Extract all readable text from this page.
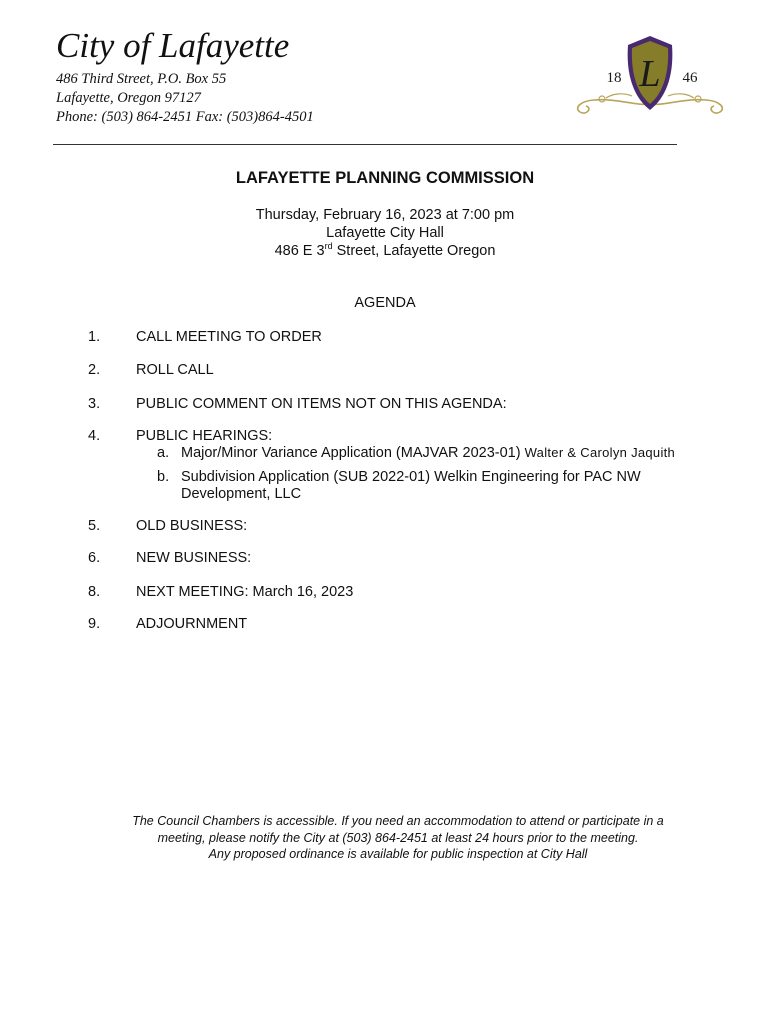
City of Lafayette
486 Third Street, P.O. Box 55
Lafayette, Oregon 97127
Phone: (503) 864-2451 Fax: (503)864-4501
L
18	46
LAFAYETTE PLANNING COMMISSION
Thursday, February 16, 2023 at 7:00 pm
Lafayette City Hall
486 E 3rd Street, Lafayette Oregon
AGENDA
1. CALL MEETING TO ORDER
2. ROLL CALL
3. PUBLIC COMMENT ON ITEMS NOT ON THIS AGENDA:
4. PUBLIC HEARINGS:
a. Major/Minor Variance Application (MAJVAR 2023-01) Walter & Carolyn Jaquith
b. Subdivision Application (SUB 2022-01) Welkin Engineering for PAC NW
Development, LLC
5. OLD BUSINESS:
6. NEW BUSINESS:
8. NEXT MEETING: March 16, 2023
9. ADJOURNMENT
The Council Chambers is accessible. If you need an accommodation to attend or participate in a
meeting, please notify the City at (503) 864-2451 at least 24 hours prior to the meeting.
Any proposed ordinance is available for public inspection at City Hall
